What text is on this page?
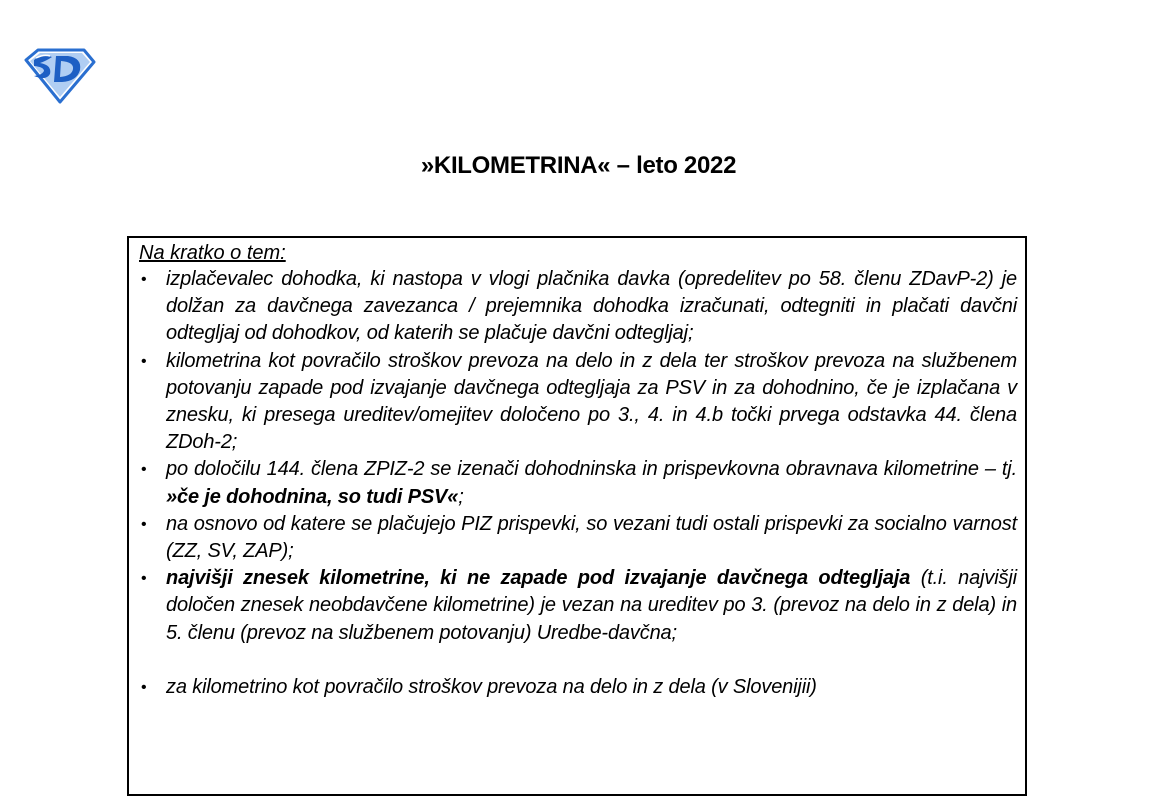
»KILOMETRINA« – leto 2022
Na kratko o tem:
• izplačevalec dohodka, ki nastopa v vlogi plačnika davka (opredelitev po 58. členu ZDavP-2) je dolžan za davčnega zavezanca / prejemnika dohodka izračunati, odtegniti in plačati davčni odtegljaj od dohodkov, od katerih se plačuje davčni odtegljaj;
• kilometrina kot povračilo stroškov prevoza na delo in z dela ter stroškov prevoza na službenem potovanju zapade pod izvajanje davčnega odtegljaja za PSV in za dohodnino, če je izplačana v znesku, ki presega ureditev/omejitev določeno po 3., 4. in 4.b točki prvega odstavka 44. člena ZDoh-2;
• po določilu 144. člena ZPIZ-2 se izenači dohodninska in prispevkovna obravnava kilometrine – tj. »če je dohodnina, so tudi PSV«;
• na osnovo od katere se plačujejo PIZ prispevki, so vezani tudi ostali prispevki za socialno varnost (ZZ, SV, ZAP);
• najvišji znesek kilometrine, ki ne zapade pod izvajanje davčnega odtegljaja (t.i. najvišji določen znesek neobdavčene kilometrine) je vezan na ureditev po 3. (prevoz na delo in z dela) in 5. členu (prevoz na službenem potovanju) Uredbe-davčna;
• za kilometrino kot povračilo stroškov prevoza na delo in z dela (v Slovenijii)
